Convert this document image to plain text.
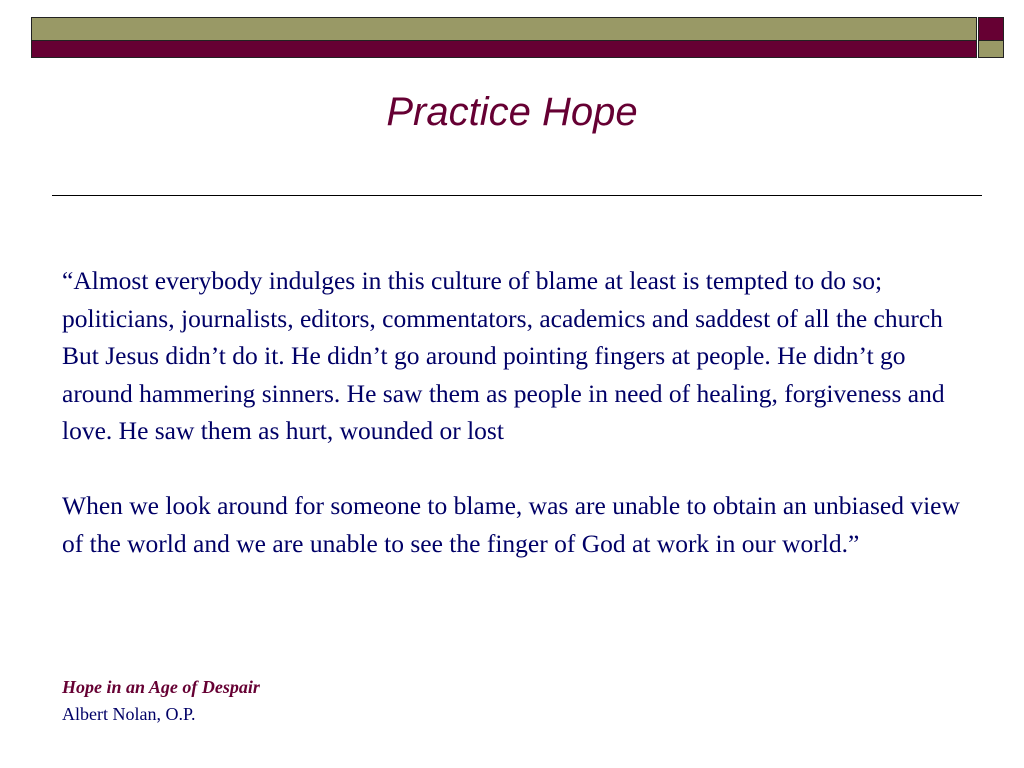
Practice Hope

“Almost everybody indulges in this culture of blame at least is tempted to do so; politicians, journalists, editors, commentators, academics and saddest of all the church But Jesus didn’t do it. He didn’t go around pointing fingers at people. He didn’t go around hammering sinners. He saw them as people in need of healing, forgiveness and love. He saw them as hurt, wounded or lost

When we look around for someone to blame, was are unable to obtain an unbiased view of the world and we are unable to see the finger of God at work in our world.”

Hope in an Age of Despair
Albert Nolan, O.P.
